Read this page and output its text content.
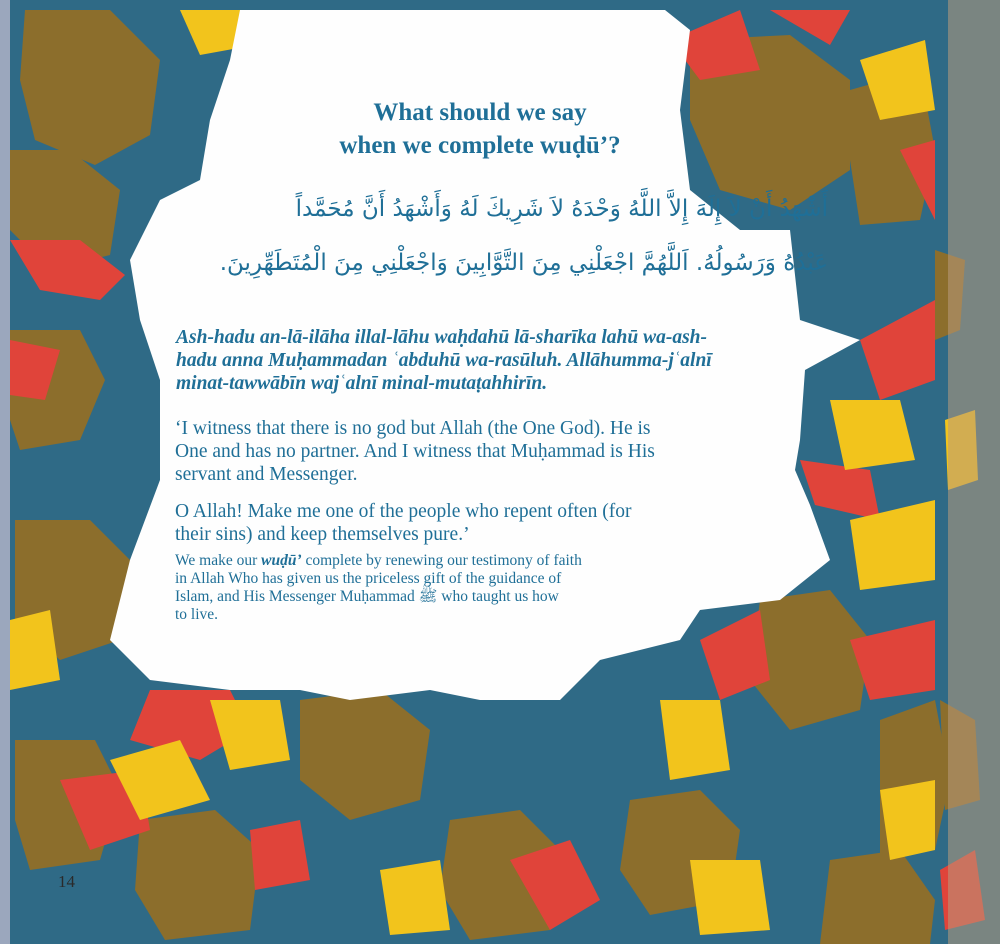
What should we say
when we complete wuḍū’?
أَشْهَدُ أَنْ لاَ إِلَهَ إِلاَّ اللَّهُ وَحْدَهُ لاَ شَرِيكَ لَهُ وَأَشْهَدُ أَنَّ مُحَمَّداً
عَبْدُهُ وَرَسُولُهُ. اَللَّهُمَّ اجْعَلْنِي مِنَ التَّوَّابِينَ وَاجْعَلْنِي مِنَ الْمُتَطَهِّرِينَ.
Ash-hadu an-lā-ilāha illal-lāhu waḥdahū lā-sharīka lahū wa-ash-
hadu anna Muḥammadan ʿabduhū wa-rasūluh. Allāhumma-jʿalnī
minat-tawwābīn wajʿalnī minal-mutaṭahhirīn.
‘I witness that there is no god but Allah (the One God). He is
One and has no partner. And I witness that Muḥammad is His
servant and Messenger.
O Allah! Make me one of the people who repent often (for
their sins) and keep themselves pure.’
We make our wuḍū’ complete by renewing our testimony of faith
in Allah Who has given us the priceless gift of the guidance of
Islam, and His Messenger Muḥammad ﷺ who taught us how
to live.
14
